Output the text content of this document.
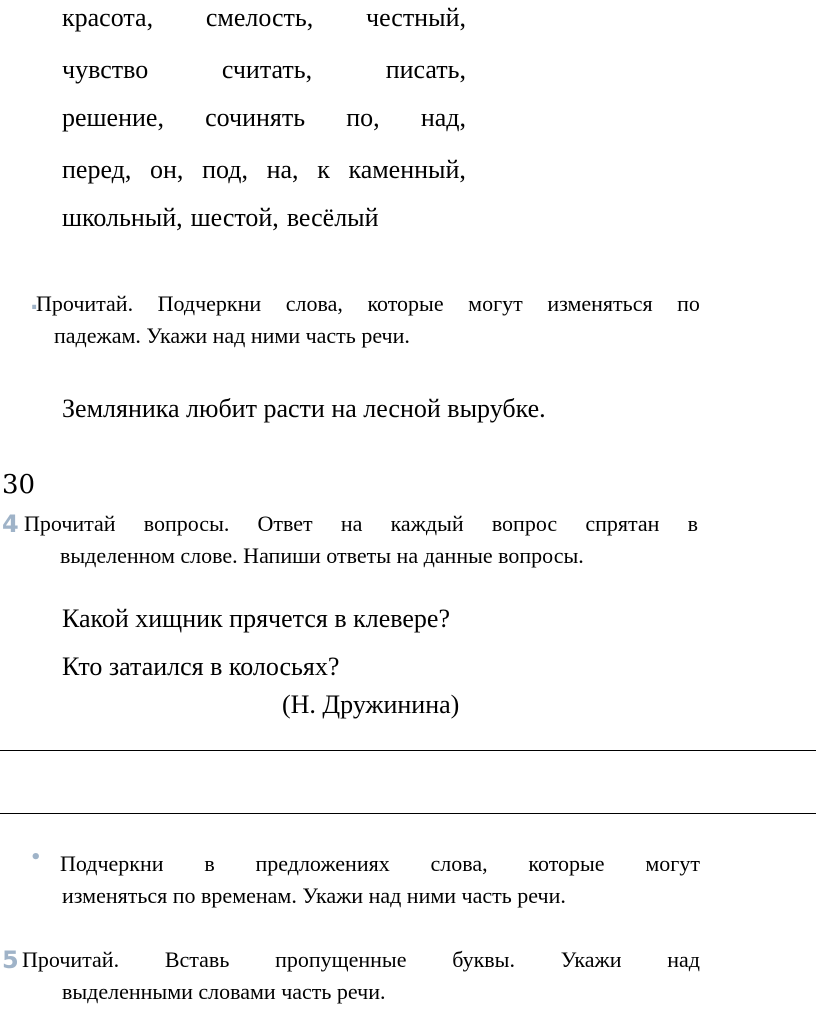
красота, смелость, честный,
чувство	считать,	писать,
решение, сочинять по, над,
перед, он, под, на, к каменный,
школьный, шестой, весёлый
.
Прочитай. Подчеркни слова, которые могут изменяться по
падежам. Укажи над ними часть речи.
Земляника любит расти на лесной вырубке.
30
4 Прочитай вопросы. Ответ на каждый вопрос спрятан в
выделенном слове. Напиши ответы на данные вопросы.
Какой хищник прячется в клевере?
Кто затаился в колосьях?
(Н. Дружинина)
• Подчеркни в предложениях слова, которые могут
изменяться по временам. Укажи над ними часть речи.
5 Прочитай. Вставь пропущенные буквы. Укажи над
выделенными словами часть речи.
